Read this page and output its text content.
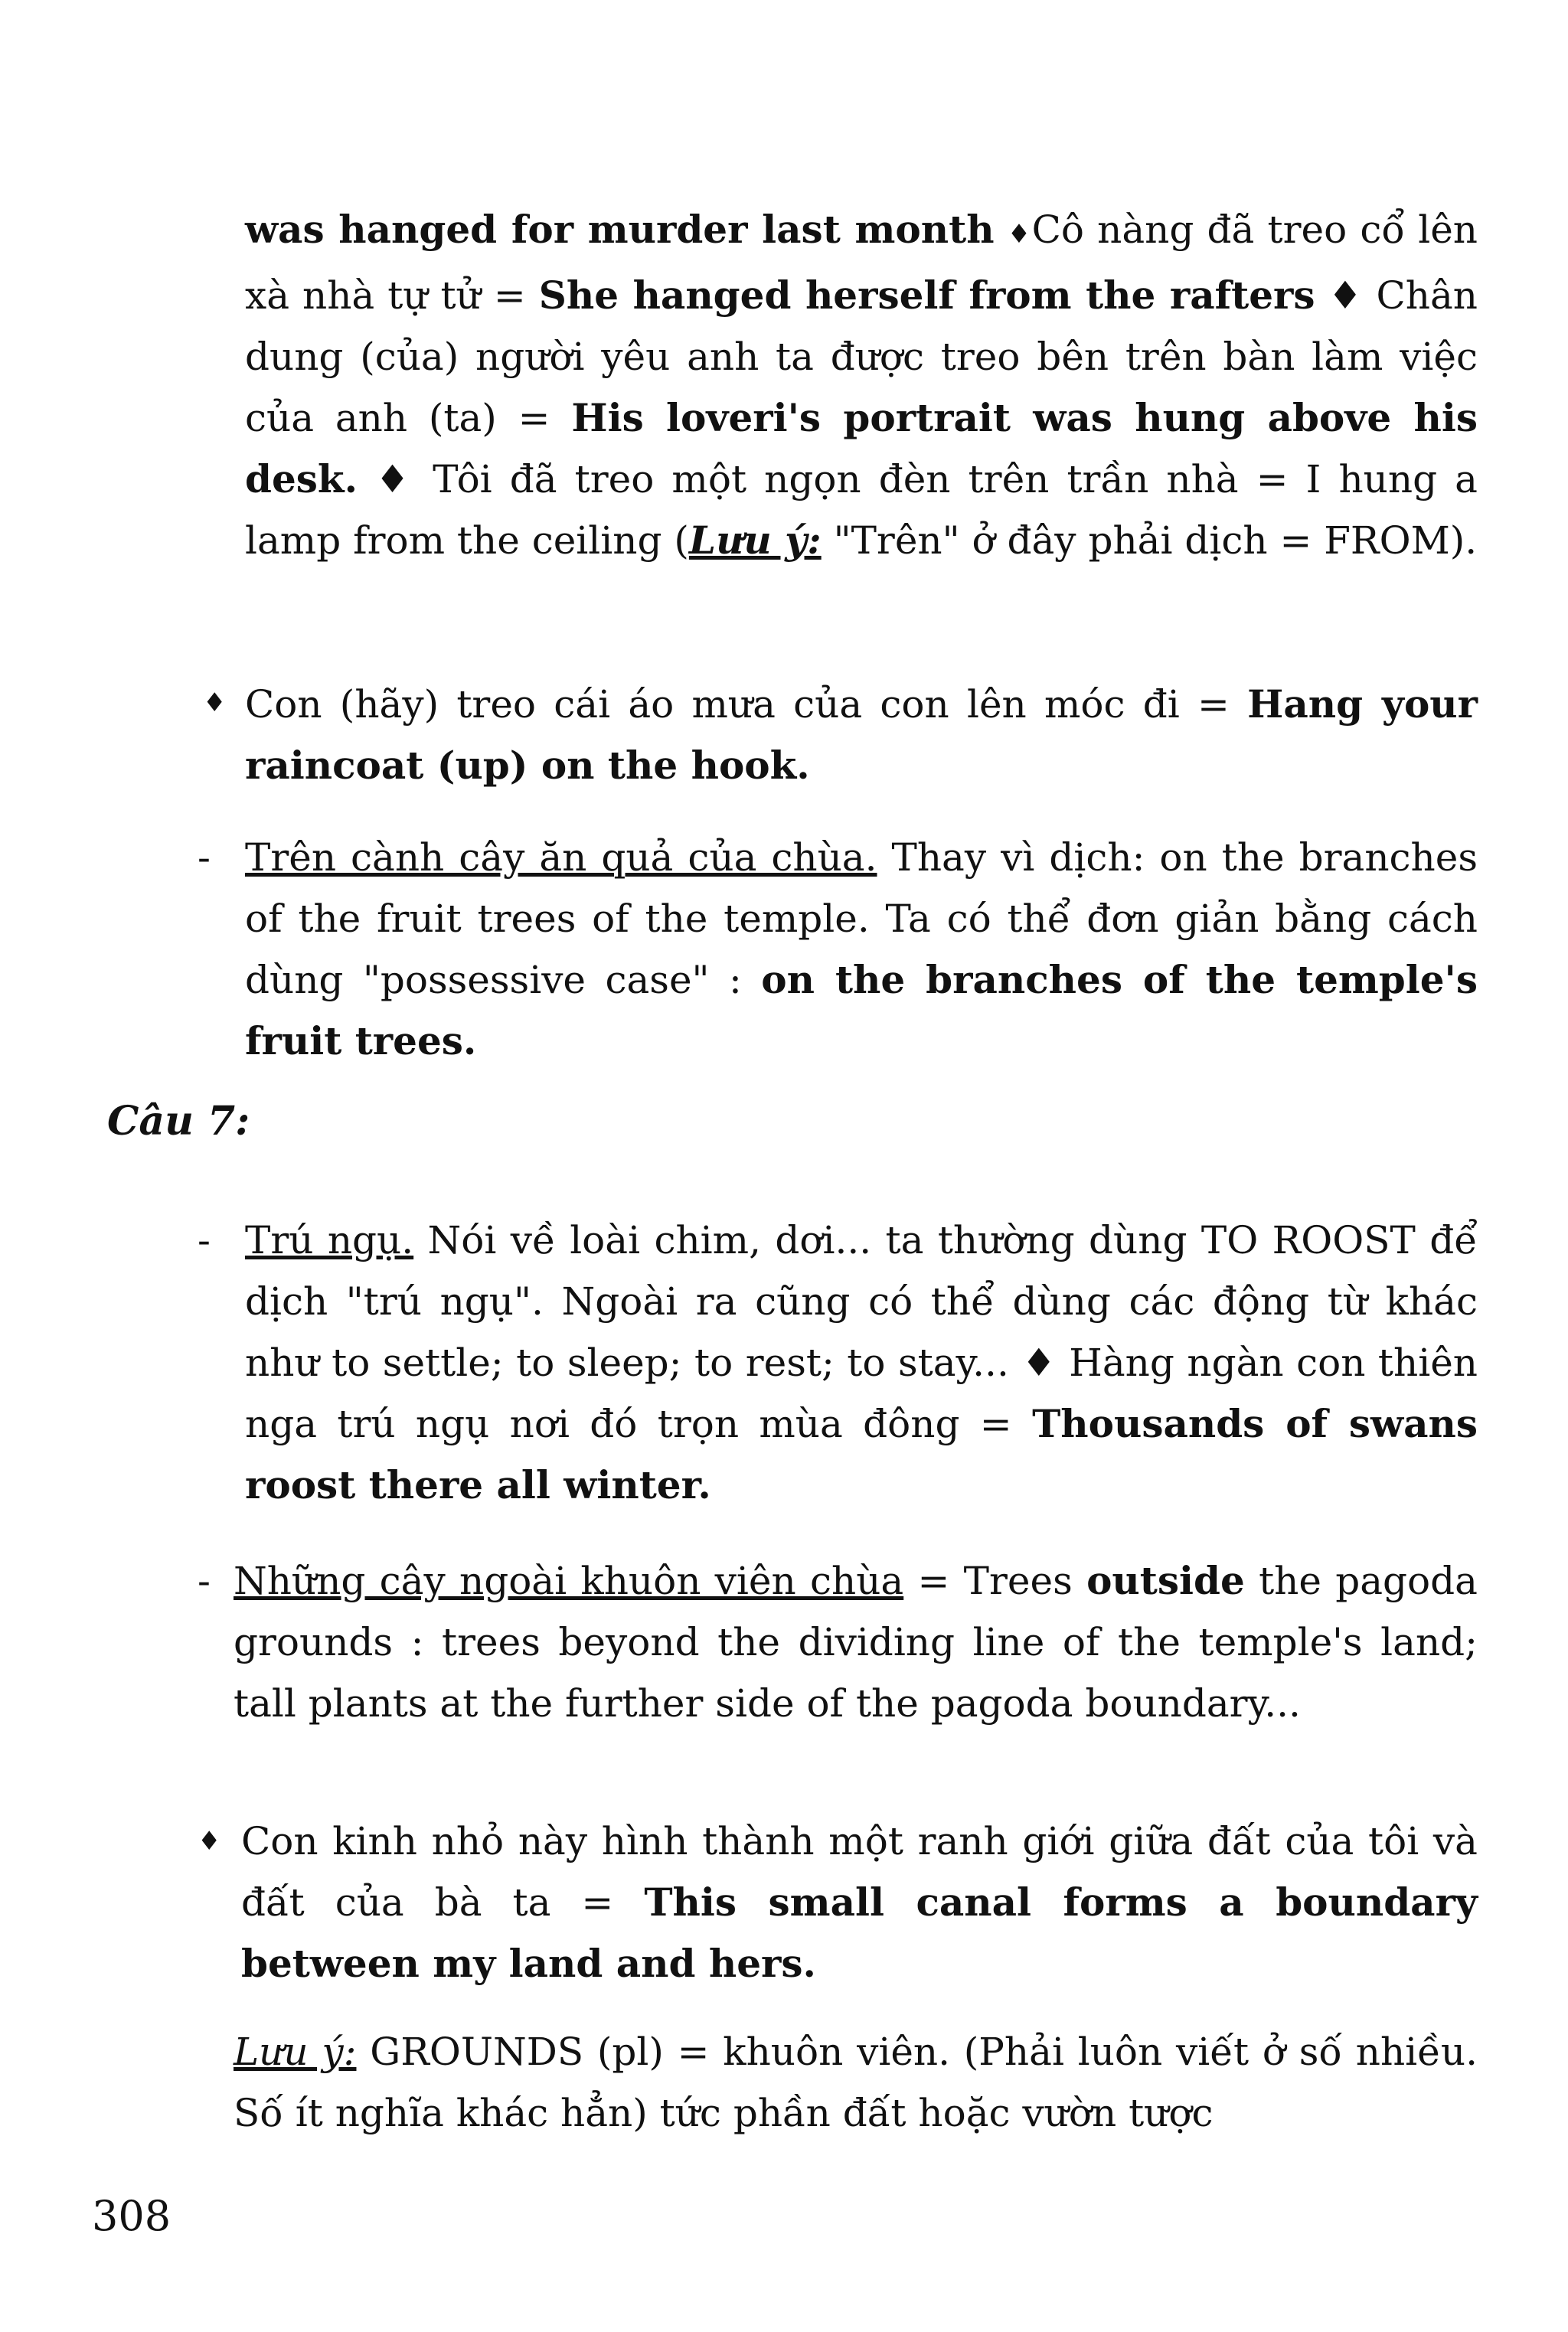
was hanged for murder last month ♦Cô nàng đã treo cổ lên xà nhà tự tử = She hanged herself from the rafters ♦ Chân dung (của) người yêu anh ta được treo bên trên bàn làm việc của anh (ta) = His loveri's portrait was hung above his desk. ♦ Tôi đã treo một ngọn đèn trên trần nhà = I hung a lamp from the ceiling (Lưu ý: "Trên" ở đây phải dịch = FROM).
♦ Con (hãy) treo cái áo mưa của con lên móc đi = Hang your raincoat (up) on the hook.
- Trên cành cây ăn quả của chùa. Thay vì dịch: on the branches of the fruit trees of the temple. Ta có thể đơn giản bằng cách dùng "possessive case" : on the branches of the temple's fruit trees.
Câu 7:
- Trú ngụ. Nói về loài chim, dơi... ta thường dùng TO ROOST để dịch "trú ngụ". Ngoài ra cũng có thể dùng các động từ khác như to settle; to sleep; to rest; to stay... ♦ Hàng ngàn con thiên nga trú ngụ nơi đó trọn mùa đông = Thousands of swans roost there all winter.
- Những cây ngoài khuôn viên chùa = Trees outside the pagoda grounds : trees beyond the dividing line of the temple's land; tall plants at the further side of the pagoda boundary...
♦ Con kinh nhỏ này hình thành một ranh giới giữa đất của tôi và đất của bà ta = This small canal forms a boundary between my land and hers.
Lưu ý: GROUNDS (pl) = khuôn viên. (Phải luôn viết ở số nhiều. Số ít nghĩa khác hẳn) tức phần đất hoặc vườn tược
308
